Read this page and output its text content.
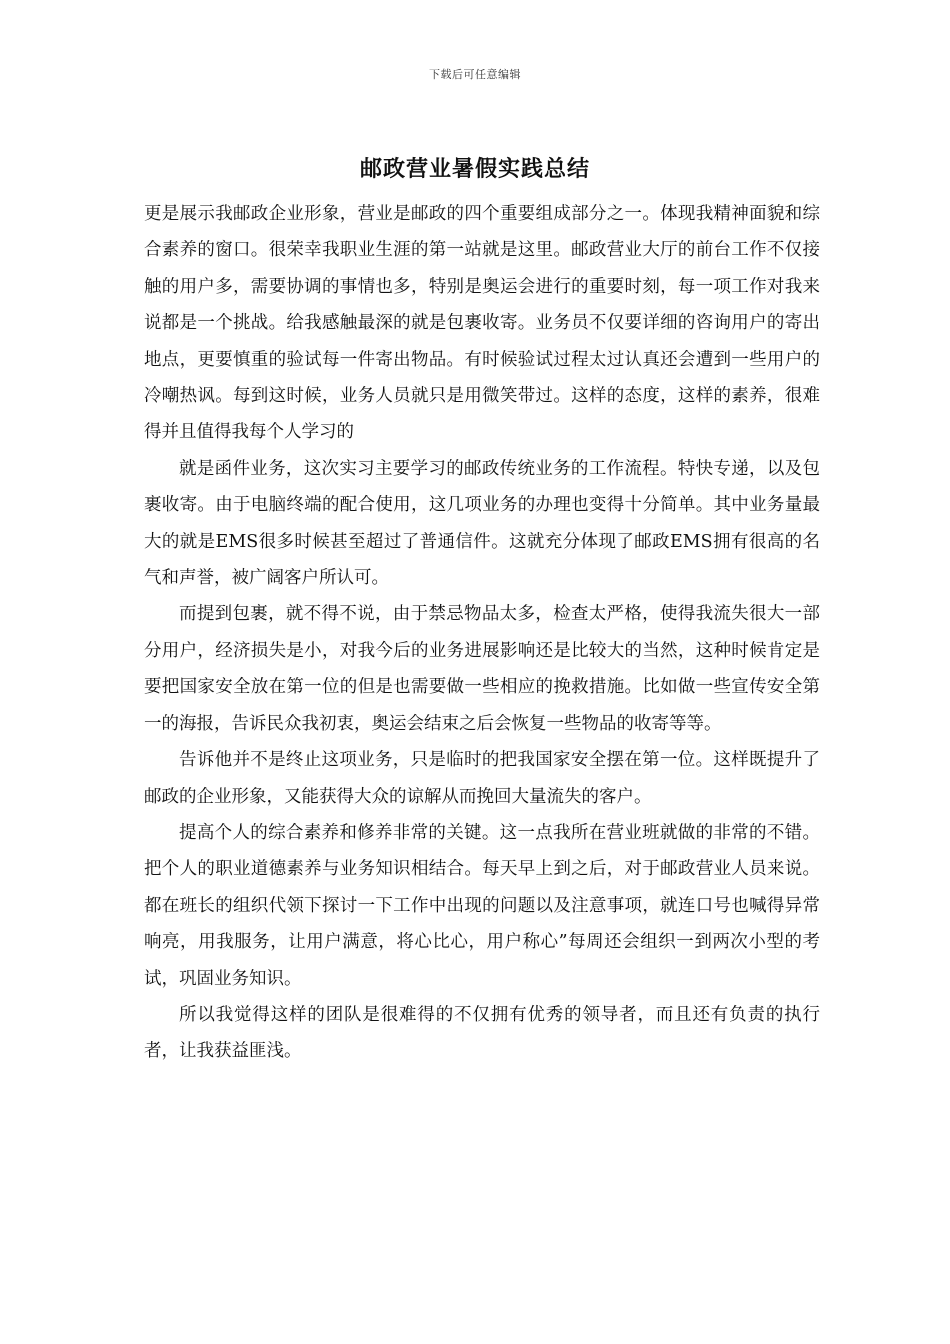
下载后可任意编辑
邮政营业暑假实践总结

更是展示我邮政企业形象，营业是邮政的四个重要组成部分之一。体现我精神面貌和综合素养的窗口。很荣幸我职业生涯的第一站就是这里。邮政营业大厅的前台工作不仅接触的用户多，需要协调的事情也多，特别是奥运会进行的重要时刻，每一项工作对我来说都是一个挑战。给我感触最深的就是包裹收寄。业务员不仅要详细的咨询用户的寄出地点，更要慎重的验试每一件寄出物品。有时候验试过程太过认真还会遭到一些用户的冷嘲热讽。每到这时候，业务人员就只是用微笑带过。这样的态度，这样的素养，很难得并且值得我每个人学习的

就是函件业务，这次实习主要学习的邮政传统业务的工作流程。特快专递，以及包裹收寄。由于电脑终端的配合使用，这几项业务的办理也变得十分简单。其中业务量最大的就是EMS很多时候甚至超过了普通信件。这就充分体现了邮政EMS拥有很高的名气和声誉，被广阔客户所认可。

而提到包裹，就不得不说，由于禁忌物品太多，检查太严格，使得我流失很大一部分用户，经济损失是小，对我今后的业务进展影响还是比较大的当然，这种时候肯定是要把国家安全放在第一位的但是也需要做一些相应的挽救措施。比如做一些宣传安全第一的海报，告诉民众我初衷，奥运会结束之后会恢复一些物品的收寄等等。

告诉他并不是终止这项业务，只是临时的把我国家安全摆在第一位。这样既提升了邮政的企业形象，又能获得大众的谅解从而挽回大量流失的客户。

提高个人的综合素养和修养非常的关键。这一点我所在营业班就做的非常的不错。把个人的职业道德素养与业务知识相结合。每天早上到之后，对于邮政营业人员来说。都在班长的组织代领下探讨一下工作中出现的问题以及注意事项，就连口号也喊得异常响亮，用我服务，让用户满意，将心比心，用户称心”每周还会组织一到两次小型的考试，巩固业务知识。

所以我觉得这样的团队是很难得的不仅拥有优秀的领导者，而且还有负责的执行者，让我获益匪浅。
